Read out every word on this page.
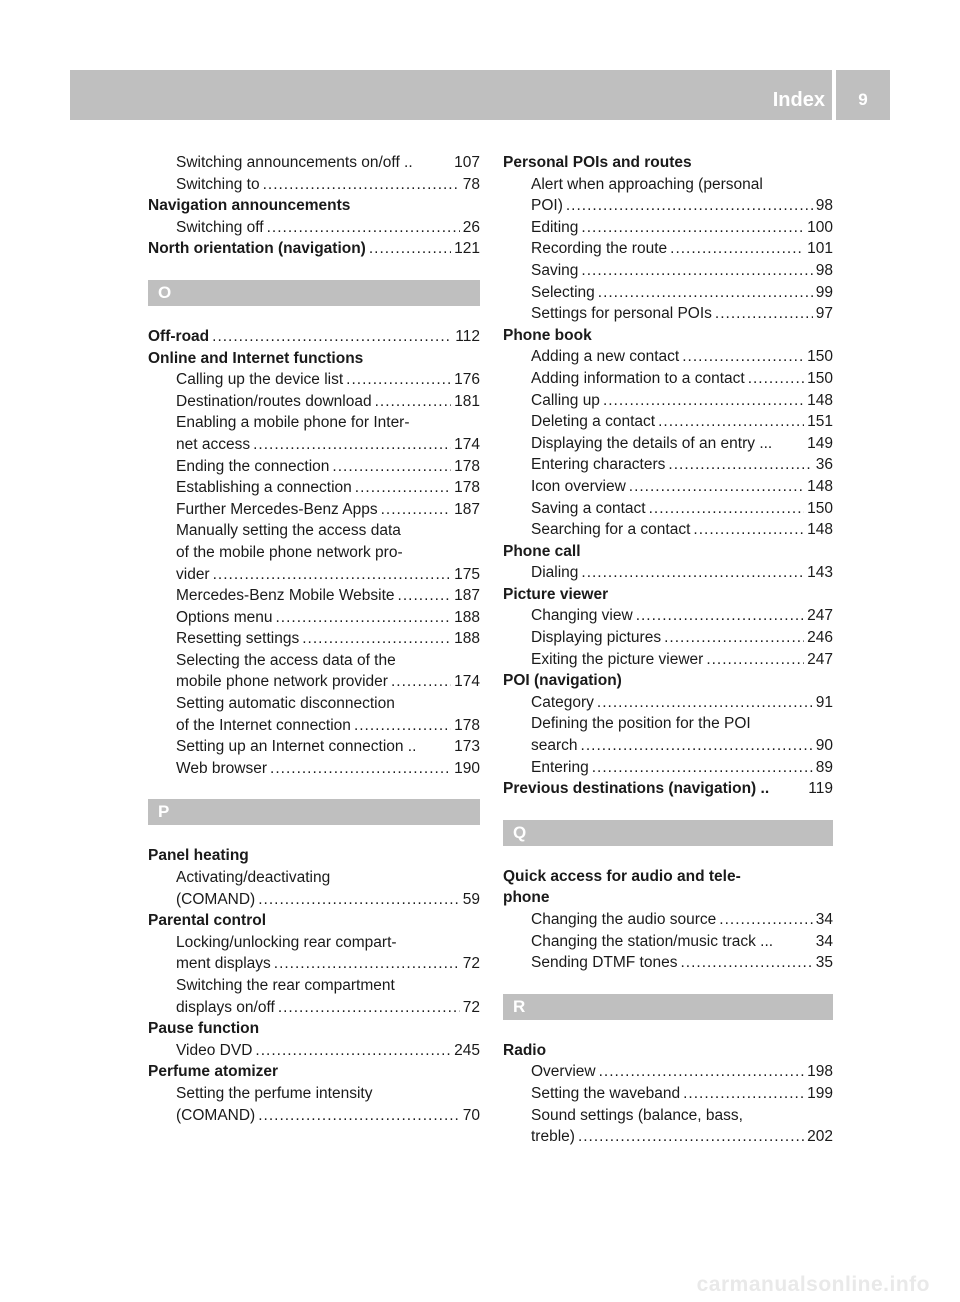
Index	9
Switching announcements on/off ..	107
Switching to .....	78
Navigation announcements
Switching off .....	26
North orientation (navigation) .....	121
O
Off-road .....	112
Online and Internet functions
Calling up the device list .....	176
Destination/routes download .....	181
Enabling a mobile phone for Inter-
net access .....	174
Ending the connection .....	178
Establishing a connection .....	178
Further Mercedes-Benz Apps .....	187
Manually setting the access data
of the mobile phone network pro-
vider .....	175
Mercedes-Benz Mobile Website .....	187
Options menu .....	188
Resetting settings .....	188
Selecting the access data of the
mobile phone network provider .....	174
Setting automatic disconnection
of the Internet connection .....	178
Setting up an Internet connection .. 173
Web browser .....	190
P
Panel heating
Activating/deactivating
(COMAND) .....	59
Parental control
Locking/unlocking rear compart-
ment displays .....	72
Switching the rear compartment
displays on/off .....	72
Pause function
Video DVD .....	245
Perfume atomizer
Setting the perfume intensity
(COMAND) .....	70
Personal POIs and routes
Alert when approaching (personal
POI) .....	98
Editing .....	100
Recording the route .....	101
Saving .....	98
Selecting .....	99
Settings for personal POIs .....	97
Phone book
Adding a new contact .....	150
Adding information to a contact .....	150
Calling up .....	148
Deleting a contact .....	151
Displaying the details of an entry ... 149
Entering characters .....	36
Icon overview .....	148
Saving a contact .....	150
Searching for a contact .....	148
Phone call
Dialing .....	143
Picture viewer
Changing view .....	247
Displaying pictures .....	246
Exiting the picture viewer .....	247
POI (navigation)
Category .....	91
Defining the position for the POI
search .....	90
Entering .....	89
Previous destinations (navigation) ..	119
Q
Quick access for audio and tele-
phone
Changing the audio source .....	34
Changing the station/music track ...	34
Sending DTMF tones .....	35
R
Radio
Overview .....	198
Setting the waveband .....	199
Sound settings (balance, bass,
treble) .....	202
carmanualsonline.info
